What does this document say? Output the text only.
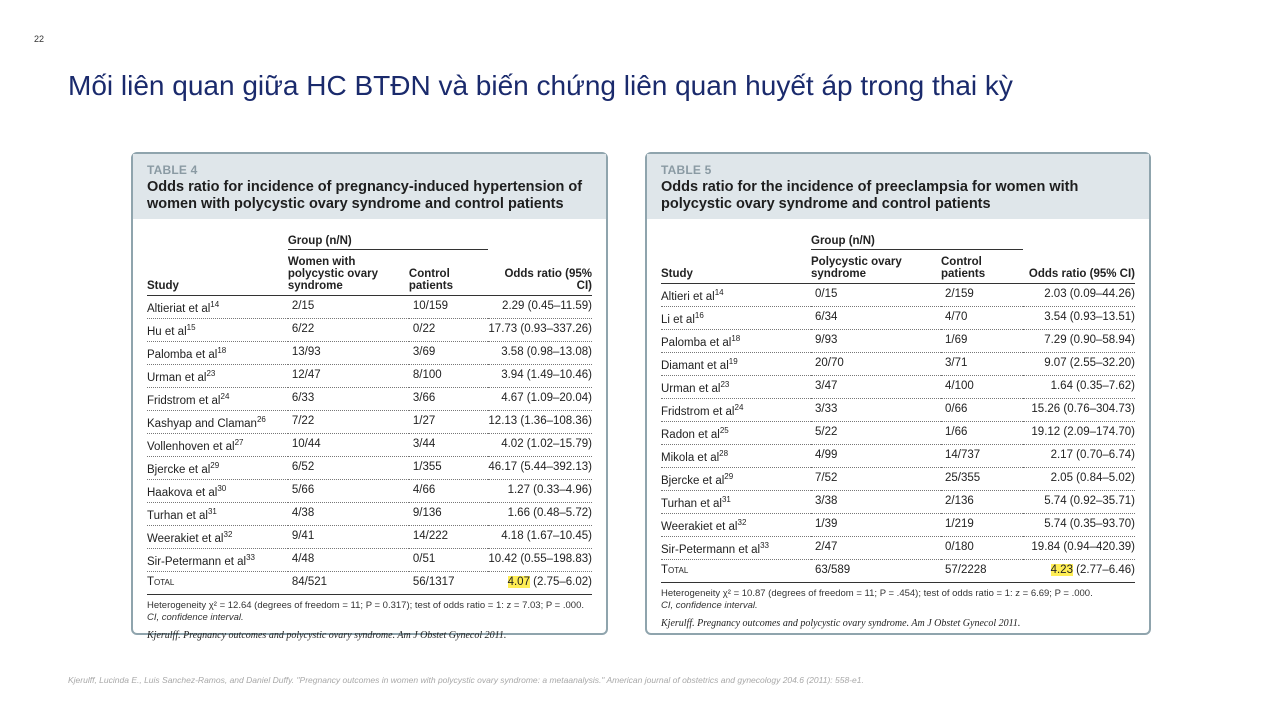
22
Mối liên quan giữa HC BTĐN và biến chứng liên quan huyết áp trong thai kỳ
TABLE 4
Odds ratio for incidence of pregnancy-induced hypertension of women with polycystic ovary syndrome and control patients
	Group (n/N)		
Study	Women with polycystic ovary syndrome	Control patients	Odds ratio (95% CI)
Altieriat et $al^{14}$	2/15	10/159	2.29 (0.45–11.59)
Hu et $al^{15}$	6/22	0/22	17.73 (0.93–337.26)
Palomba et $al^{18}$	13/93	3/69	3.58 (0.98–13.08)
Urman et $al^{23}$	12/47	8/100	3.94 (1.49–10.46)
Fridstrom et $al^{24}$	6/33	3/66	4.67 (1.09–20.04)
Kashyap and Claman$^{26}$	7/22	1/27	12.13 (1.36–108.36)
Vollenhoven et $al^{27}$	10/44	3/44	4.02 (1.02–15.79)
Bjercke et $al^{29}$	6/52	1/355	46.17 (5.44–392.13)
Haakova et $al^{30}$	5/66	4/66	1.27 (0.33–4.96)
Turhan et $al^{31}$	4/38	9/136	1.66 (0.48–5.72)
Weerakiet et $al^{32}$	9/41	14/222	4.18 (1.67–10.45)
Sir-Petermann et $al^{33}$	4/48	0/51	10.42 (0.55–198.83)
Total	84/521	56/1317	4.07 (2.75–6.02)
Heterogeneity χ² = 12.64 (degrees of freedom = 11; P = 0.317); test of odds ratio = 1: z = 7.03; P = .000.
CI, confidence interval.
Kjerulff. Pregnancy outcomes and polycystic ovary syndrome. Am J Obstet Gynecol 2011.
TABLE 5
Odds ratio for the incidence of preeclampsia for women with polycystic ovary syndrome and control patients
	Group (n/N)		
Study	Polycystic ovary syndrome	Control patients	Odds ratio (95% CI)
Altieri et $al^{14}$	0/15	2/159	2.03 (0.09–44.26)
Li et $al^{16}$	6/34	4/70	3.54 (0.93–13.51)
Palomba et $al^{18}$	9/93	1/69	7.29 (0.90–58.94)
Diamant et $al^{19}$	20/70	3/71	9.07 (2.55–32.20)
Urman et $al^{23}$	3/47	4/100	1.64 (0.35–7.62)
Fridstrom et $al^{24}$	3/33	0/66	15.26 (0.76–304.73)
Radon et $al^{25}$	5/22	1/66	19.12 (2.09–174.70)
Mikola et $al^{28}$	4/99	14/737	2.17 (0.70–6.74)
Bjercke et $al^{29}$	7/52	25/355	2.05 (0.84–5.02)
Turhan et $al^{31}$	3/38	2/136	5.74 (0.92–35.71)
Weerakiet et $al^{32}$	1/39	1/219	5.74 (0.35–93.70)
Sir-Petermann et $al^{33}$	2/47	0/180	19.84 (0.94–420.39)
Total	63/589	57/2228	4.23 (2.77–6.46)
Heterogeneity χ² = 10.87 (degrees of freedom = 11; P = .454); test of odds ratio = 1: z = 6.69; P = .000.
CI, confidence interval.
Kjerulff. Pregnancy outcomes and polycystic ovary syndrome. Am J Obstet Gynecol 2011.
Kjerulff, Lucinda E., Luis Sanchez-Ramos, and Daniel Duffy. "Pregnancy outcomes in women with polycystic ovary syndrome: a metaanalysis." American journal of obstetrics and gynecology 204.6 (2011): 558-e1.
